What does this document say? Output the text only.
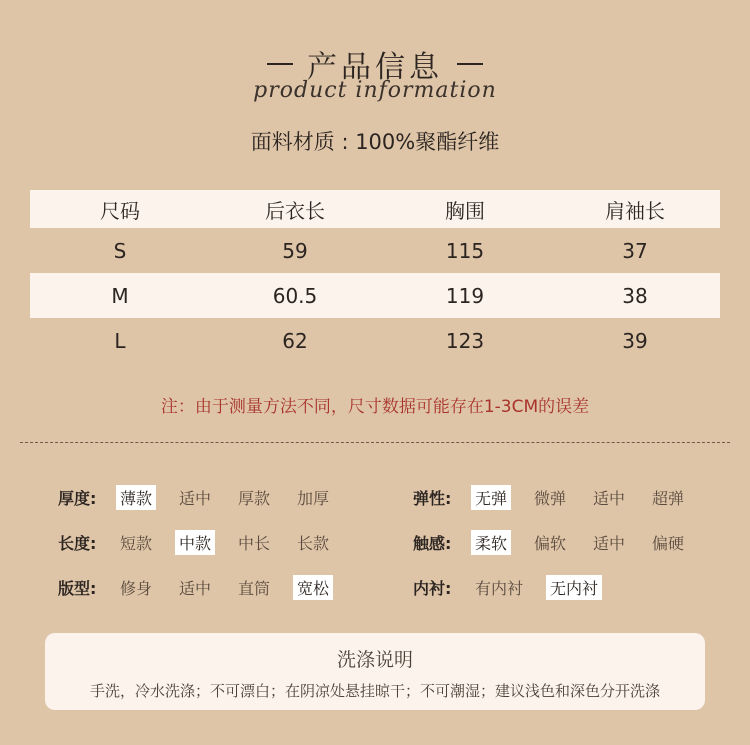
产品信息
product information
面料材质 : 100%聚酯纤维
尺码	后衣长	胸围	肩袖长
S	59	115	37
M	60.5	119	38
L	62	123	39
注：由于测量方法不同，尺寸数据可能存在1-3CM的误差
厚度:	薄款 适中 厚款 加厚
长度:	短款 中款 中长 长款
版型:	修身 适中 直筒 宽松
弹性:	无弹 微弹 适中 超弹
触感:	柔软 偏软 适中 偏硬
内衬:	有内衬 无内衬
洗涤说明
手洗，冷水洗涤；不可漂白；在阴凉处悬挂晾干；不可潮湿；建议浅色和深色分开洗涤
